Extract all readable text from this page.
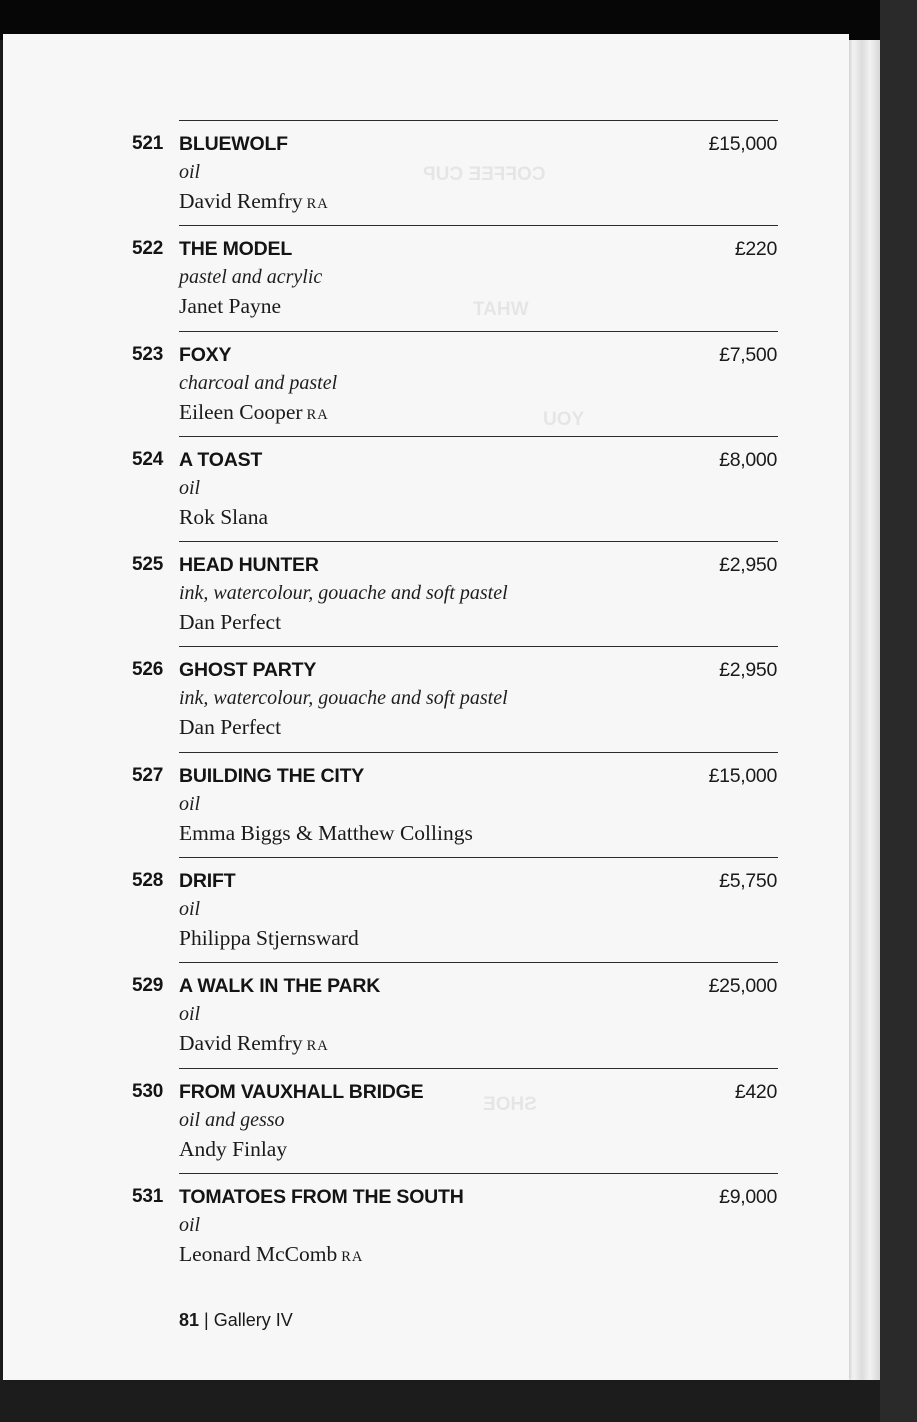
COFFEE CUP
WHAT
YOU
SHOE
521 BLUEWOLF	£15,000
oil
David Remfry RA
522 THE MODEL	£220
pastel and acrylic
Janet Payne
523 FOXY	£7,500
charcoal and pastel
Eileen Cooper RA
524 A TOAST	£8,000
oil
Rok Slana
525 HEAD HUNTER	£2,950
ink, watercolour, gouache and soft pastel
Dan Perfect
526 GHOST PARTY	£2,950
ink, watercolour, gouache and soft pastel
Dan Perfect
527 BUILDING THE CITY	£15,000
oil
Emma Biggs & Matthew Collings
528 DRIFT	£5,750
oil
Philippa Stjernsward
529 A WALK IN THE PARK	£25,000
oil
David Remfry RA
530 FROM VAUXHALL BRIDGE	£420
oil and gesso
Andy Finlay
531 TOMATOES FROM THE SOUTH	£9,000
oil
Leonard McComb RA
81 | Gallery IV
